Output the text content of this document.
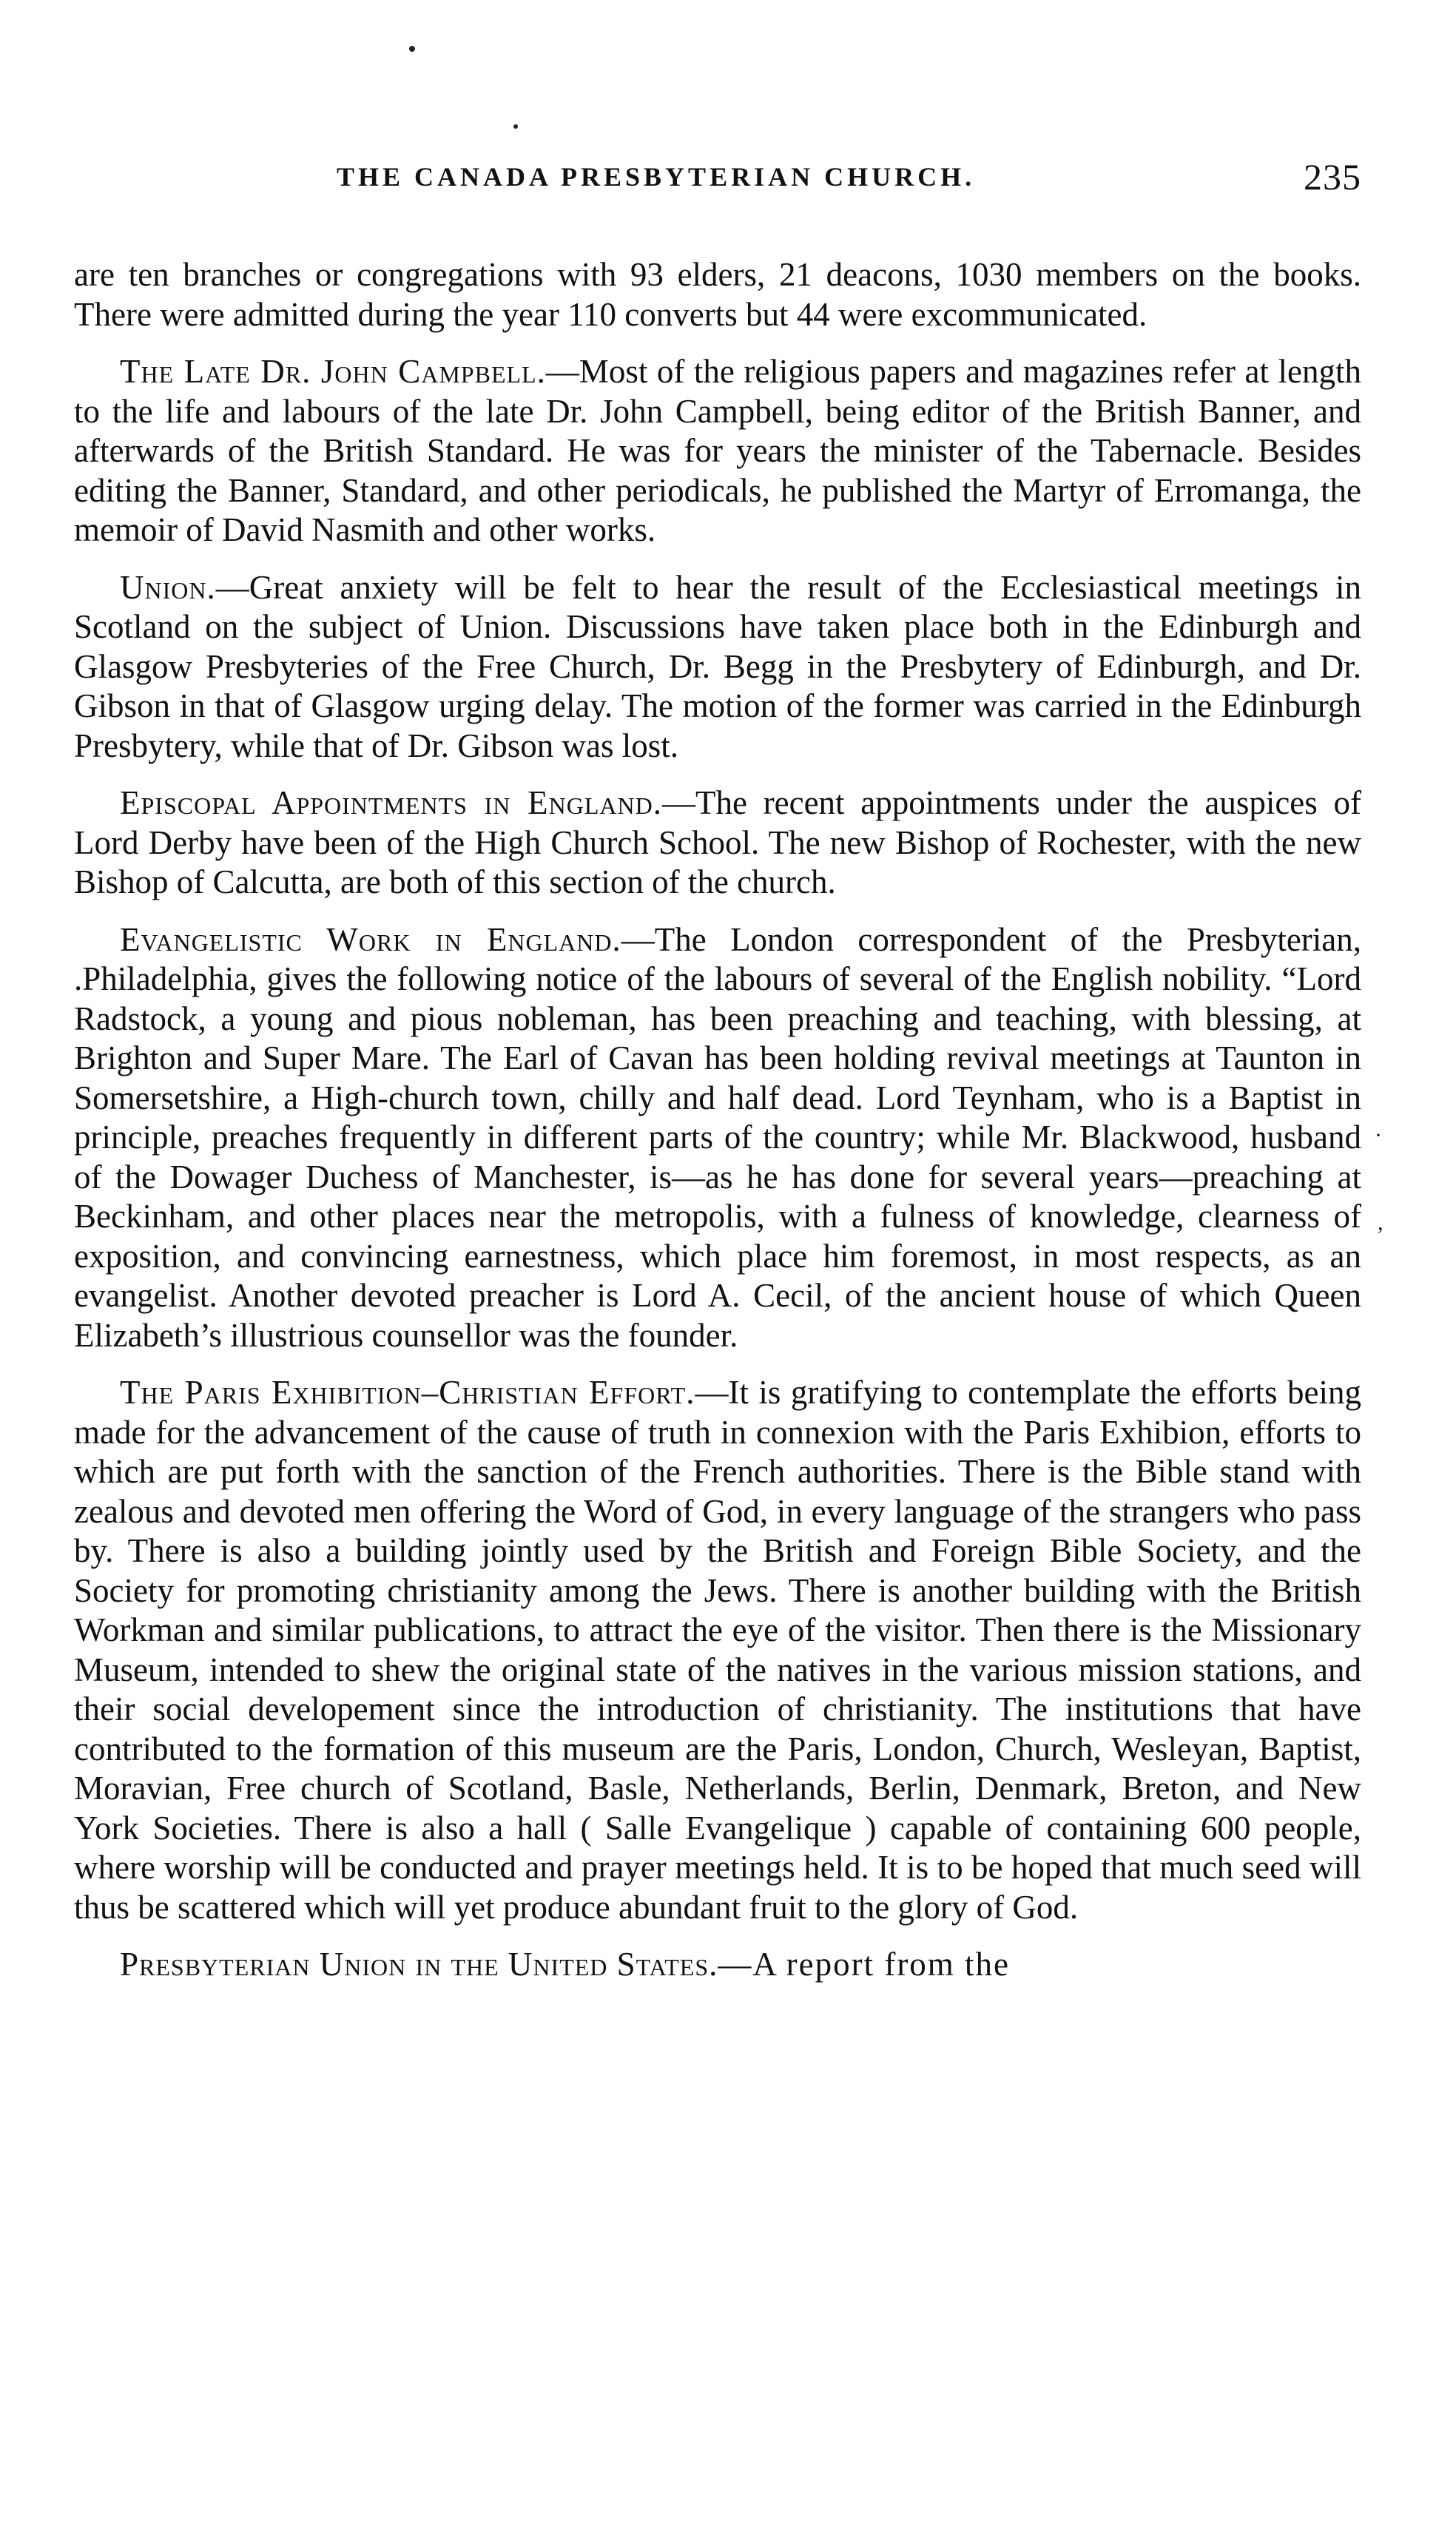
THE CANADA PRESBYTERIAN CHURCH.	235

are ten branches or congregations with 93 elders, 21 deacons, 1030 members on the books. There were admitted during the year 110 converts but 44 were excommunicated.

The Late Dr. John Campbell.—Most of the religious papers and magazines refer at length to the life and labours of the late Dr. John Campbell, being editor of the British Banner, and afterwards of the British Standard. He was for years the minister of the Tabernacle. Besides editing the Banner, Standard, and other periodicals, he published the Martyr of Erromanga, the memoir of David Nasmith and other works.

Union.—Great anxiety will be felt to hear the result of the Ecclesiastical meetings in Scotland on the subject of Union. Discussions have taken place both in the Edinburgh and Glasgow Presbyteries of the Free Church, Dr. Begg in the Presbytery of Edinburgh, and Dr. Gibson in that of Glasgow urging delay. The motion of the former was carried in the Edinburgh Presbytery, while that of Dr. Gibson was lost.

Episcopal Appointments in England.—The recent appointments under the auspices of Lord Derby have been of the High Church School. The new Bishop of Rochester, with the new Bishop of Calcutta, are both of this section of the church.

Evangelistic Work in England.—The London correspondent of the Presbyterian, .Philadelphia, gives the following notice of the labours of several of the English nobility. “Lord Radstock, a young and pious nobleman, has been preaching and teaching, with blessing, at Brighton and Super Mare. The Earl of Cavan has been holding revival meetings at Taunton in Somersetshire, a High-church town, chilly and half dead. Lord Teynham, who is a Baptist in principle, preaches frequently in different parts of the country; while Mr. Blackwood, husband of the Dowager Duchess of Manchester, is—as he has done for several years—preaching at Beckinham, and other places near the metropolis, with a fulness of knowledge, clearness of exposition, and convincing earnestness, which place him foremost, in most respects, as an evangelist. Another devoted preacher is Lord A. Cecil, of the ancient house of which Queen Elizabeth’s illustrious counsellor was the founder.

The Paris Exhibition–Christian Effort.—It is gratifying to contemplate the efforts being made for the advancement of the cause of truth in connexion with the Paris Exhibion, efforts to which are put forth with the sanction of the French authorities. There is the Bible stand with zealous and devoted men offering the Word of God, in every language of the strangers who pass by. There is also a building jointly used by the British and Foreign Bible Society, and the Society for promoting christianity among the Jews. There is another building with the British Workman and similar publications, to attract the eye of the visitor. Then there is the Missionary Museum, intended to shew the original state of the natives in the various mission stations, and their social developement since the introduction of christianity. The institutions that have contributed to the formation of this museum are the Paris, London, Church, Wesleyan, Baptist, Moravian, Free church of Scotland, Basle, Netherlands, Berlin, Denmark, Breton, and New York Societies. There is also a hall ( Salle Evangelique ) capable of containing 600 people, where worship will be conducted and prayer meetings held. It is to be hoped that much seed will thus be scattered which will yet produce abundant fruit to the glory of God.

Presbyterian Union in the United States.—A report from the

·
,
